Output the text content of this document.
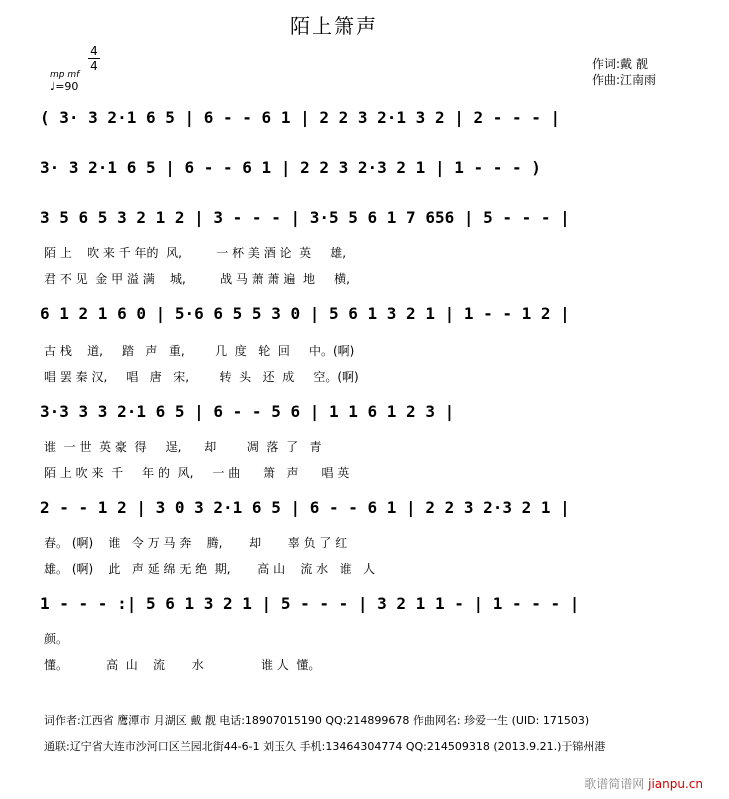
陌上箫声
4
4
mp mf
♩=90
作词:戴 靓
作曲:江南雨
( 3· 3 2·1 6 5 | 6 - - 6 1 | 2 2 3 2·1 3 2 | 2 - - - |
3· 3 2·1 6 5 | 6 - - 6 1 | 2 2 3 2·3 2 1 | 1 - - - )
3 5 6 5 3 2 1 2 | 3 - - - | 3·5 5 6 1 7 656 | 5 - - - |
陌 上    吹 来 千 年的  风,         一 杯 美 酒 论  英     雄,
君 不 见  金 甲 溢 满    城,         战 马 萧 萧 遍  地     横,
6 1 2 1 6 0 | 5·6 6 5 5 3 0 | 5 6 1 3 2 1 | 1 - - 1 2 |
古 栈    道,     踏   声   重,        几  度   轮  回     中。(啊)
唱 罢 秦 汉,     唱   唐   宋,        转  头   还  成     空。(啊)
3·3 3 3 2·1 6 5 | 6 - - 5 6 | 1 1 6 1 2 3 |
谁  一 世  英 豪  得     逞,      却        凋  落  了   青
陌 上 吹 来  千     年 的  风,     一 曲      箫   声      唱 英
2 - - 1 2 | 3 0 3 2·1 6 5 | 6 - - 6 1 | 2 2 3 2·3 2 1 |
春。 (啊)    谁   令 万 马 奔    腾,       却       辜 负 了 红
雄。 (啊)    此   声 延 绵 无 绝  期,       高 山    流 水   谁   人
1 - - - :| 5 6 1 3 2 1 | 5 - - - | 3 2 1 1 - | 1 - - - |
颜。
懂。          高  山    流       水               谁 人  懂。
词作者:江西省 鹰潭市 月湖区 戴 靓 电话:18907015190 QQ:214899678 作曲网名: 珍爱一生 (UID: 171503)
通联:辽宁省大连市沙河口区兰园北街44-6-1 刘玉久 手机:13464304774 QQ:214509318 (2013.9.21.)于锦州港
歌谱简谱网 jianpu.cn
